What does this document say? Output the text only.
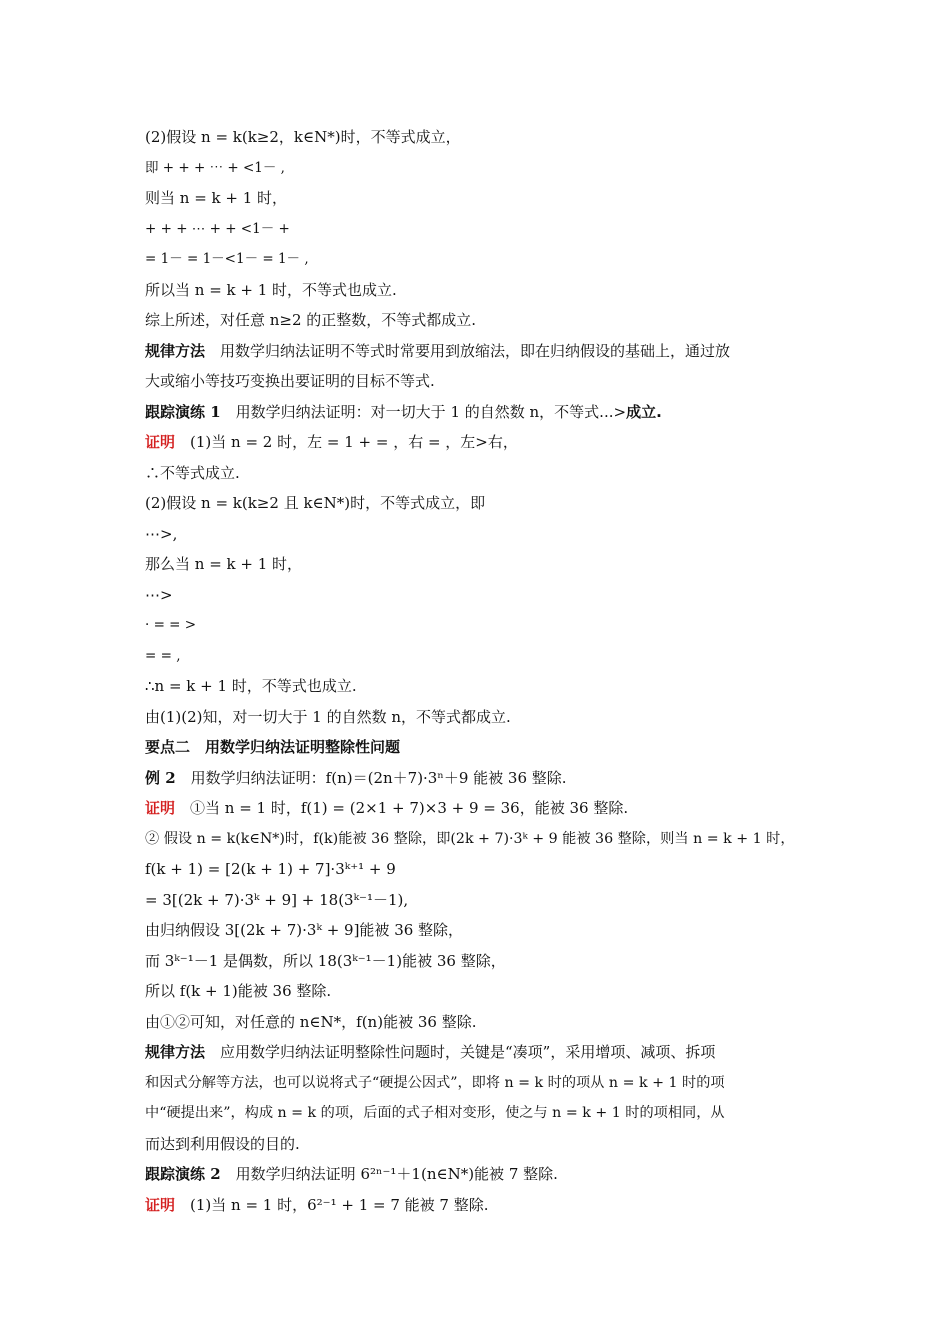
(2)假设 n = k(k≥2，k∈N*)时，不等式成立，
即 + + + ⋯ + <1－ ,
则当 n = k + 1 时，
+ + + ⋯ + + <1－ +
= 1－ = 1－<1－ = 1－ ,
所以当 n = k + 1 时，不等式也成立.
综上所述，对任意 n≥2 的正整数，不等式都成立.
规律方法　用数学归纳法证明不等式时常要用到放缩法，即在归纳假设的基础上，通过放
大或缩小等技巧变换出要证明的目标不等式.
跟踪演练 1　用数学归纳法证明：对一切大于 1 的自然数 n，不等式...>成立.
证明　(1)当 n = 2 时，左 = 1 + = ，右 = ，左>右，
∴不等式成立.
(2)假设 n = k(k≥2 且 k∈N*)时，不等式成立，即
⋯>,
那么当 n = k + 1 时，
⋯>
· = = >
= = ,
∴n = k + 1 时，不等式也成立.
由(1)(2)知，对一切大于 1 的自然数 n，不等式都成立.
要点二　用数学归纳法证明整除性问题
例 2　用数学归纳法证明：f(n)＝(2n＋7)·3ⁿ＋9 能被 36 整除.
证明　①当 n = 1 时，f(1) = (2×1 + 7)×3 + 9 = 36，能被 36 整除.
② 假设 n = k(k∈N*)时，f(k)能被 36 整除，即(2k + 7)·3ᵏ + 9 能被 36 整除，则当 n = k + 1 时，
f(k + 1) = [2(k + 1) + 7]·3ᵏ⁺¹ + 9
= 3[(2k + 7)·3ᵏ + 9] + 18(3ᵏ⁻¹－1),
由归纳假设 3[(2k + 7)·3ᵏ + 9]能被 36 整除，
而 3ᵏ⁻¹－1 是偶数，所以 18(3ᵏ⁻¹－1)能被 36 整除，
所以 f(k + 1)能被 36 整除.
由①②可知，对任意的 n∈N*，f(n)能被 36 整除.
规律方法　应用数学归纳法证明整除性问题时，关键是“凑项”，采用增项、减项、拆项
和因式分解等方法，也可以说将式子“硬提公因式”，即将 n = k 时的项从 n = k + 1 时的项
中“硬提出来”，构成 n = k 的项，后面的式子相对变形，使之与 n = k + 1 时的项相同，从
而达到利用假设的目的.
跟踪演练 2　用数学归纳法证明 6²ⁿ⁻¹＋1(n∈N*)能被 7 整除.
证明　(1)当 n = 1 时，6²⁻¹ + 1 = 7 能被 7 整除.
